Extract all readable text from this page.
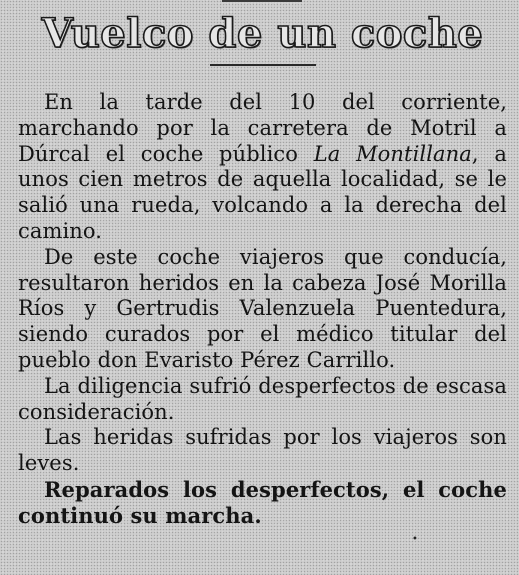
Vuelco de un coche

En la tarde del 10 del corriente, marchando por la carretera de Motril a Dúrcal el coche público La Montillana, a unos cien metros de aquella localidad, se le salió una rueda, volcando a la derecha del camino.

De este coche viajeros que conducía, resultaron heridos en la cabeza José Morilla Ríos y Gertrudis Valenzuela Puentedura, siendo curados por el médico titular del pueblo don Evaristo Pérez Carrillo.

La diligencia sufrió desperfectos de escasa consideración.

Las heridas sufridas por los viajeros son leves.

Reparados los desperfectos, el coche continuó su marcha.

•
